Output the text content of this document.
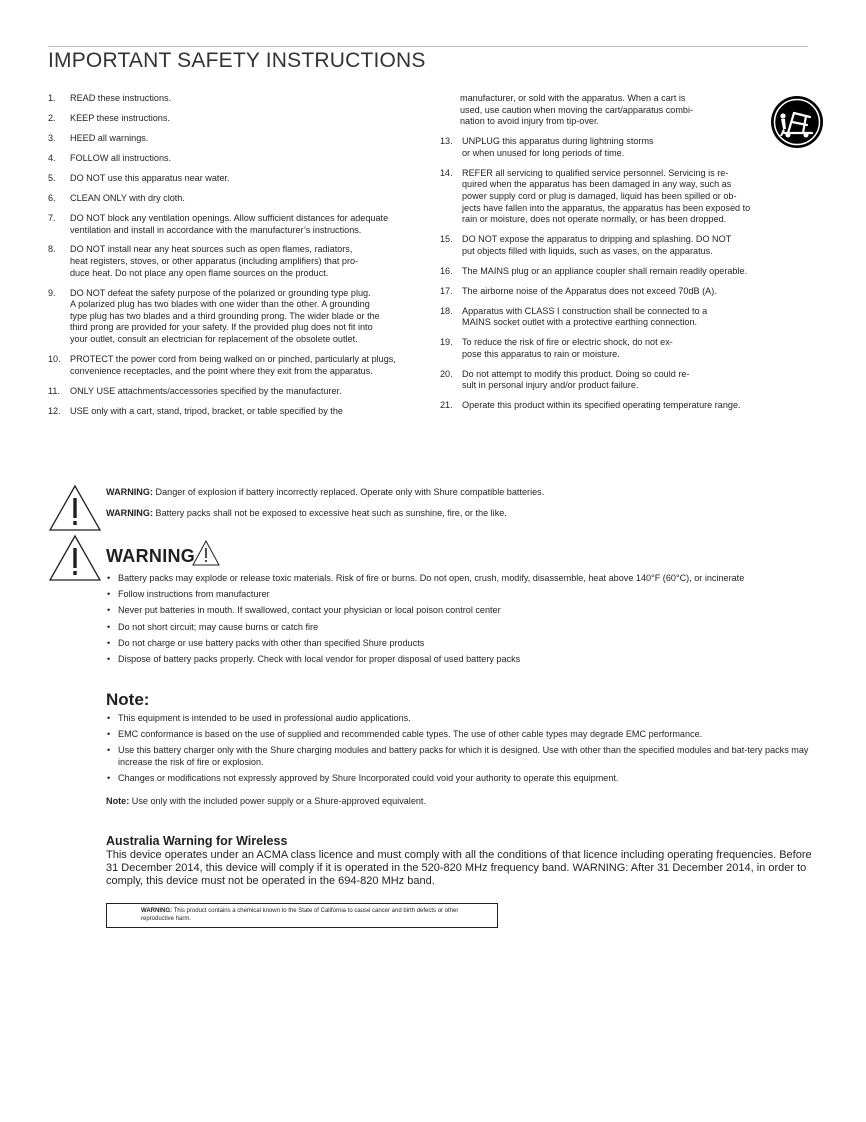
IMPORTANT SAFETY INSTRUCTIONS
1.	READ these instructions.
2.	KEEP these instructions.
3.	HEED all warnings.
4.	FOLLOW all instructions.
5.	DO NOT use this apparatus near water.
6.	CLEAN ONLY with dry cloth.
7.	DO NOT block any ventilation openings. Allow sufficient distances for adequate
ventilation and install in accordance with the manufacturer’s instructions.
8.	DO NOT install near any heat sources such as open flames, radiators,
heat registers, stoves, or other apparatus (including amplifiers) that pro-
duce heat. Do not place any open flame sources on the product.
9.	DO NOT defeat the safety purpose of the polarized or grounding type plug.
A polarized plug has two blades with one wider than the other. A grounding
type plug has two blades and a third grounding prong. The wider blade or the
third prong are provided for your safety. If the provided plug does not fit into
your outlet, consult an electrician for replacement of the obsolete outlet.
10.	PROTECT the power cord from being walked on or pinched, particularly at plugs,
convenience receptacles, and the point where they exit from the apparatus.
11.	ONLY USE attachments/accessories specified by the manufacturer.
12.	USE only with a cart, stand, tripod, bracket, or table specified by the
manufacturer, or sold with the apparatus. When a cart is
used, use caution when moving the cart/apparatus combi-
nation to avoid injury from tip-over.
13.	UNPLUG this apparatus during lightning storms
or when unused for long periods of time.
14.	REFER all servicing to qualified service personnel. Servicing is re-
quired when the apparatus has been damaged in any way, such as
power supply cord or plug is damaged, liquid has been spilled or ob-
jects have fallen into the apparatus, the apparatus has been exposed to
rain or moisture, does not operate normally, or has been dropped.
15.	DO NOT expose the apparatus to dripping and splashing. DO NOT
put objects filled with liquids, such as vases, on the apparatus.
16.	The MAINS plug or an appliance coupler shall remain readily operable.
17.	The airborne noise of the Apparatus does not exceed 70dB (A).
18.	Apparatus with CLASS I construction shall be connected to a
MAINS socket outlet with a protective earthing connection.
19.	To reduce the risk of fire or electric shock, do not ex-
pose this apparatus to rain or moisture.
20.	Do not attempt to modify this product. Doing so could re-
sult in personal injury and/or product failure.
21.	Operate this product within its specified operating temperature range.
WARNING: Danger of explosion if battery incorrectly replaced. Operate only with Shure compatible batteries.
WARNING: Battery packs shall not be exposed to excessive heat such as sunshine, fire, or the like.
WARNING
• Battery packs may explode or release toxic materials. Risk of fire or burns. Do not open, crush, modify, disassemble, heat above 140°F (60°C), or incinerate
• Follow instructions from manufacturer
• Never put batteries in mouth. If swallowed, contact your physician or local poison control center
• Do not short circuit; may cause burns or catch fire
• Do not charge or use battery packs with other than specified Shure products
• Dispose of battery packs properly. Check with local vendor for proper disposal of used battery packs
Note:
• This equipment is intended to be used in professional audio applications.
• EMC conformance is based on the use of supplied and recommended cable types. The use of other cable types may degrade EMC performance.
• Use this battery charger only with the Shure charging modules and battery packs for which it is designed. Use with other than the specified modules and bat-tery packs may increase the risk of fire or explosion.
• Changes or modifications not expressly approved by Shure Incorporated could void your authority to operate this equipment.
Note: Use only with the included power supply or a Shure-approved equivalent.
Australia Warning for Wireless
This device operates under an ACMA class licence and must comply with all the conditions of that licence including operating frequencies. Before 31 December 2014, this device will comply if it is operated in the 520-820 MHz frequency band. WARNING: After 31 December 2014, in order to comply, this device must not be operated in the 694-820 MHz band.
WARNING: This product contains a chemical known to the State of California to cause cancer and birth defects or other reproductive harm.
